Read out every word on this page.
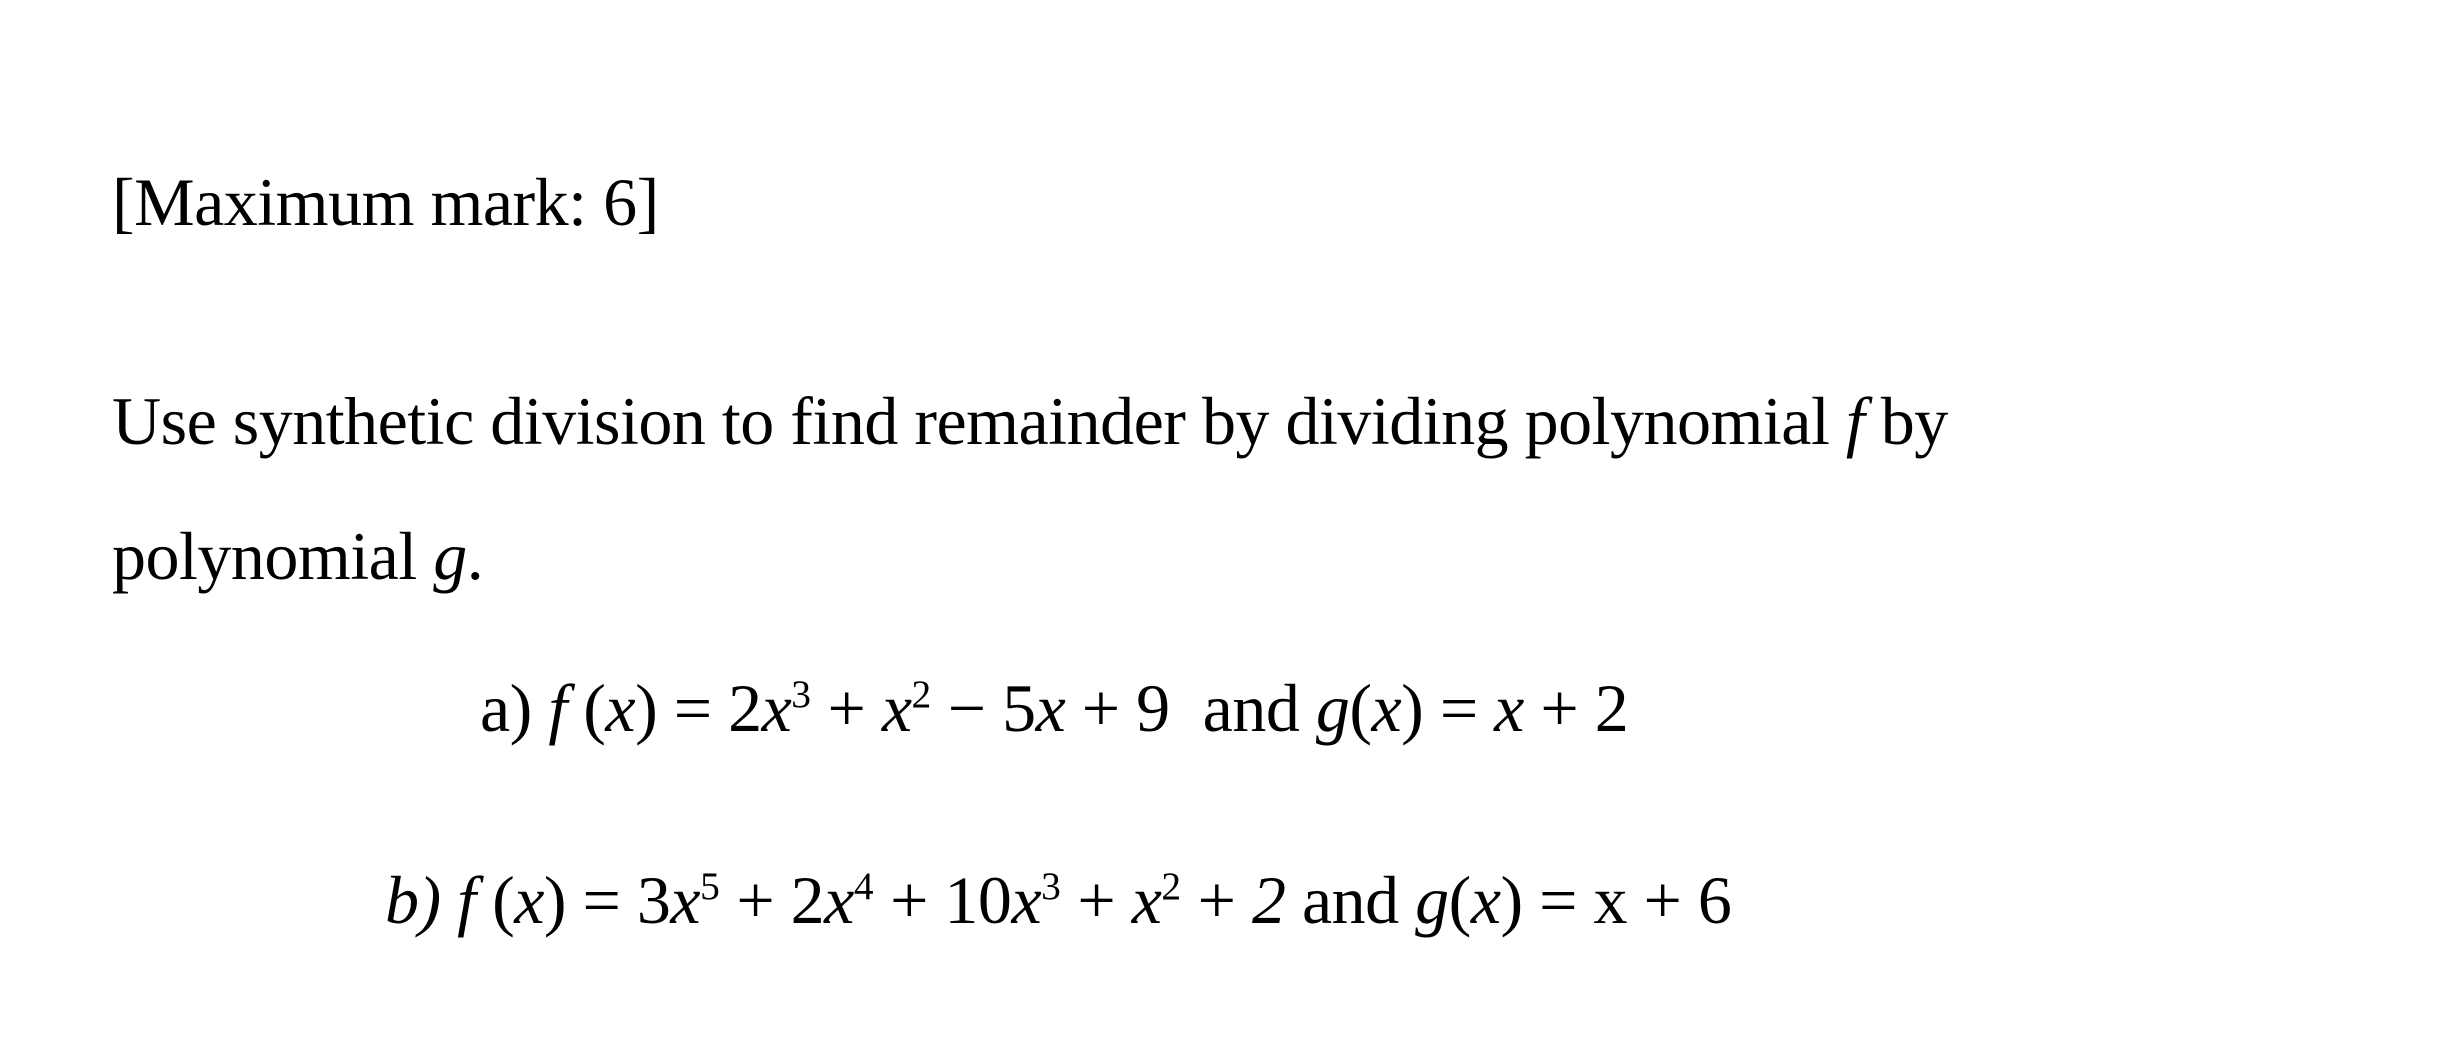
[Maximum mark: 6]
Use synthetic division to find remainder by dividing polynomial f by
polynomial g.
a) f $(x) = 2x^3 + x^2 - 5x + 9$  and g(x) = x + 2
b) f $(x) = 3x^5 + 2x^4 + 10x^3 + x^2 + 2$ and g(x) = x + 6
